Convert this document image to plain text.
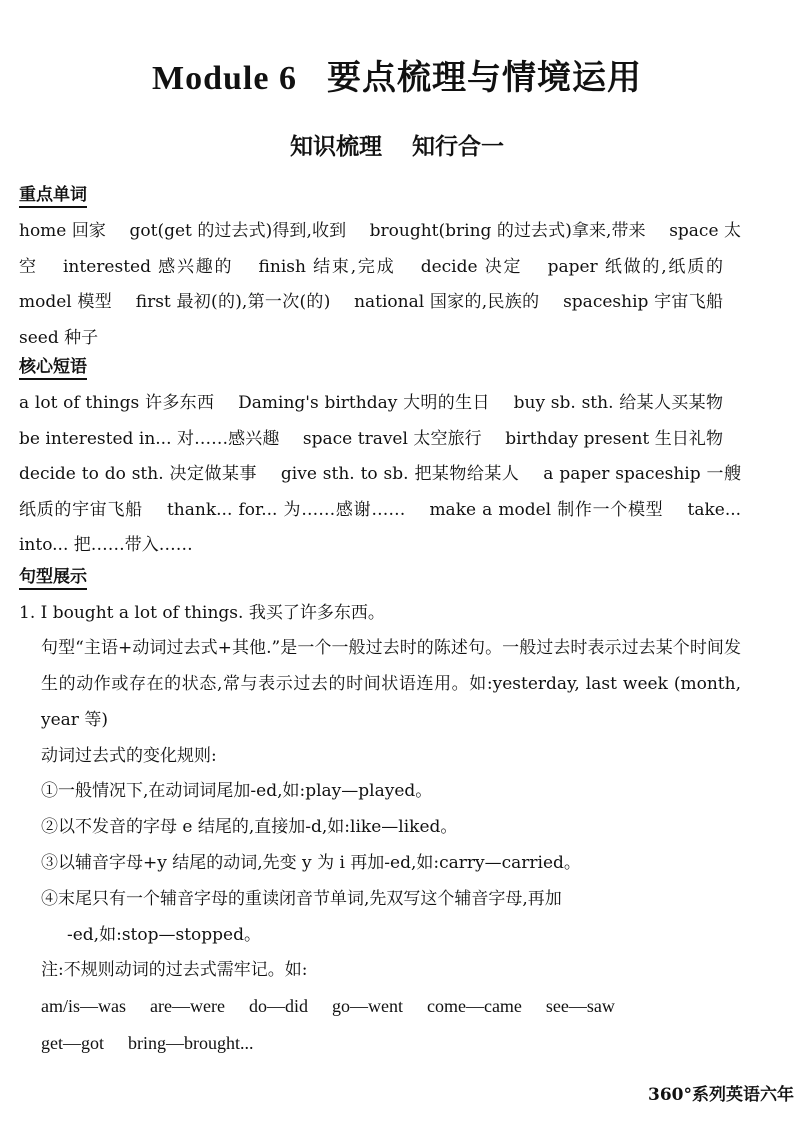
Module 6 要点梳理与情境运用
知识梳理 知行合一
重点单词

home 回家 got(get 的过去式)得到,收到 brought(bring 的过去式)拿来,带来 space 太空 interested 感兴趣的 finish 结束,完成 decide 决定 paper 纸做的,纸质的 model 模型 first 最初(的),第一次(的) national 国家的,民族的 spaceship 宇宙飞船 seed 种子

核心短语

a lot of things 许多东西 Daming's birthday 大明的生日 buy sb. sth. 给某人买某物 be interested in... 对……感兴趣 space travel 太空旅行 birthday present 生日礼物 decide to do sth. 决定做某事 give sth. to sb. 把某物给某人 a paper spaceship 一艘纸质的宇宙飞船 thank... for... 为……感谢…… make a model 制作一个模型 take... into... 把……带入……

句型展示

1. I bought a lot of things. 我买了许多东西。

句型“主语+动词过去式+其他.”是一个一般过去时的陈述句。一般过去时表示过去某个时间发生的动作或存在的状态,常与表示过去的时间状语连用。如:yesterday, last week (month, year 等)

动词过去式的变化规则:

①一般情况下,在动词词尾加-ed,如:play—played。

②以不发音的字母 e 结尾的,直接加-d,如:like—liked。

③以辅音字母+y 结尾的动词,先变 y 为 i 再加-ed,如:carry—carried。

④末尾只有一个辅音字母的重读闭音节单词,先双写这个辅音字母,再加

-ed,如:stop—stopped。

注:不规则动词的过去式需牢记。如:

am/is—was are—were do—did go—went come—came see—saw

get—got bring—brought...

360°系列英语六年
